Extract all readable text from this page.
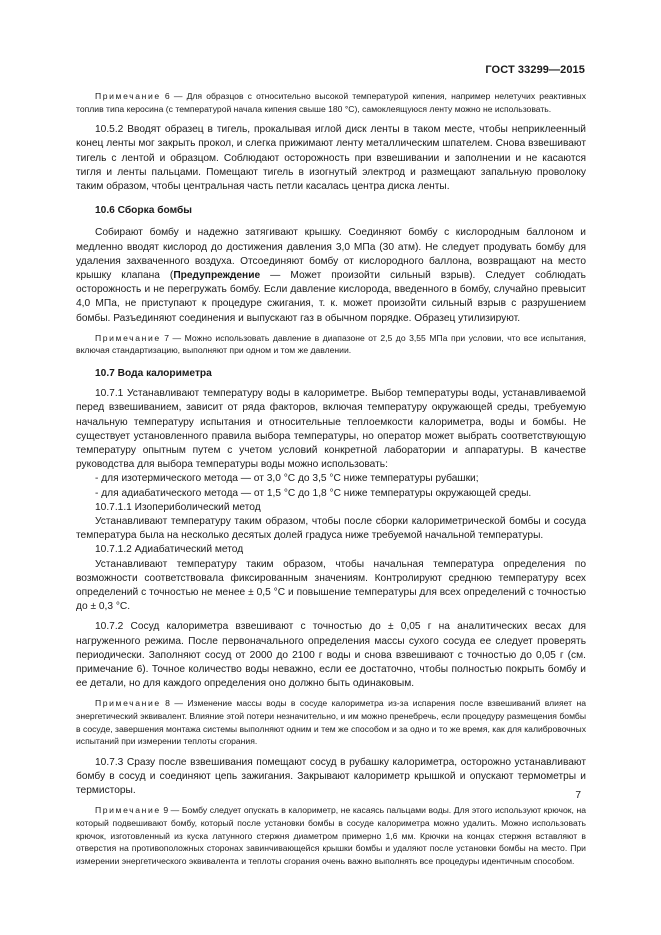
ГОСТ 33299—2015

Примечание 6 — Для образцов с относительно высокой температурой кипения, например нелетучих реактивных топлив типа керосина (с температурой начала кипения свыше 180 °С), самоклеящуюся ленту можно не использовать.

10.5.2 Вводят образец в тигель, прокалывая иглой диск ленты в таком месте, чтобы неприклеенный конец ленты мог закрыть прокол, и слегка прижимают ленту металлическим шпателем. Снова взвешивают тигель с лентой и образцом. Соблюдают осторожность при взвешивании и заполнении и не касаются тигля и ленты пальцами. Помещают тигель в изогнутый электрод и размещают запальную проволоку таким образом, чтобы центральная часть петли касалась центра диска ленты.

10.6 Сборка бомбы

Собирают бомбу и надежно затягивают крышку. Соединяют бомбу с кислородным баллоном и медленно вводят кислород до достижения давления 3,0 МПа (30 атм). Не следует продувать бомбу для удаления захваченного воздуха. Отсоединяют бомбу от кислородного баллона, возвращают на место крышку клапана (Предупреждение — Может произойти сильный взрыв). Следует соблюдать осторожность и не перегружать бомбу. Если давление кислорода, введенного в бомбу, случайно превысит 4,0 МПа, не приступают к процедуре сжигания, т. к. может произойти сильный взрыв с разрушением бомбы. Разъединяют соединения и выпускают газ в обычном порядке. Образец утилизируют.

Примечание 7 — Можно использовать давление в диапазоне от 2,5 до 3,55 МПа при условии, что все испытания, включая стандартизацию, выполняют при одном и том же давлении.

10.7 Вода калориметра

10.7.1 Устанавливают температуру воды в калориметре. Выбор температуры воды, устанавливаемой перед взвешиванием, зависит от ряда факторов, включая температуру окружающей среды, требуемую начальную температуру испытания и относительные теплоемкости калориметра, воды и бомбы. Не существует установленного правила выбора температуры, но оператор может выбрать соответствующую температуру опытным путем с учетом условий конкретной лаборатории и аппаратуры. В качестве руководства для выбора температуры воды можно использовать:

- для изотермического метода — от 3,0 °С до 3,5 °С ниже температуры рубашки;

- для адиабатического метода — от 1,5 °С до 1,8 °С ниже температуры окружающей среды.

10.7.1.1 Изопериболический метод

Устанавливают температуру таким образом, чтобы после сборки калориметрической бомбы и сосуда температура была на несколько десятых долей градуса ниже требуемой начальной температуры.

10.7.1.2 Адиабатический метод

Устанавливают температуру таким образом, чтобы начальная температура определения по возможности соответствовала фиксированным значениям. Контролируют среднюю температуру всех определений с точностью не менее ± 0,5 °С и повышение температуры для всех определений с точностью до ± 0,3 °С.

10.7.2 Сосуд калориметра взвешивают с точностью до ± 0,05 г на аналитических весах для нагруженного режима. После первоначального определения массы сухого сосуда ее следует проверять периодически. Заполняют сосуд от 2000 до 2100 г воды и снова взвешивают с точностью до 0,05 г (см. примечание 6). Точное количество воды неважно, если ее достаточно, чтобы полностью покрыть бомбу и ее детали, но для каждого определения оно должно быть одинаковым.

Примечание 8 — Изменение массы воды в сосуде калориметра из-за испарения после взвешиваний влияет на энергетический эквивалент. Влияние этой потери незначительно, и им можно пренебречь, если процедуру размещения бомбы в сосуде, завершения монтажа системы выполняют одним и тем же способом и за одно и то же время, как для калибровочных испытаний при измерении теплоты сгорания.

10.7.3 Сразу после взвешивания помещают сосуд в рубашку калориметра, осторожно устанавливают бомбу в сосуд и соединяют цепь зажигания. Закрывают калориметр крышкой и опускают термометры и термисторы.

Примечание 9 — Бомбу следует опускать в калориметр, не касаясь пальцами воды. Для этого используют крючок, на который подвешивают бомбу, который после установки бомбы в сосуде калориметра можно удалить. Можно использовать крючок, изготовленный из куска латунного стержня диаметром примерно 1,6 мм. Крючки на концах стержня вставляют в отверстия на противоположных сторонах завинчивающейся крышки бомбы и удаляют после установки бомбы на место. При измерении энергетического эквивалента и теплоты сгорания очень важно выполнять все процедуры идентичным способом.

7
